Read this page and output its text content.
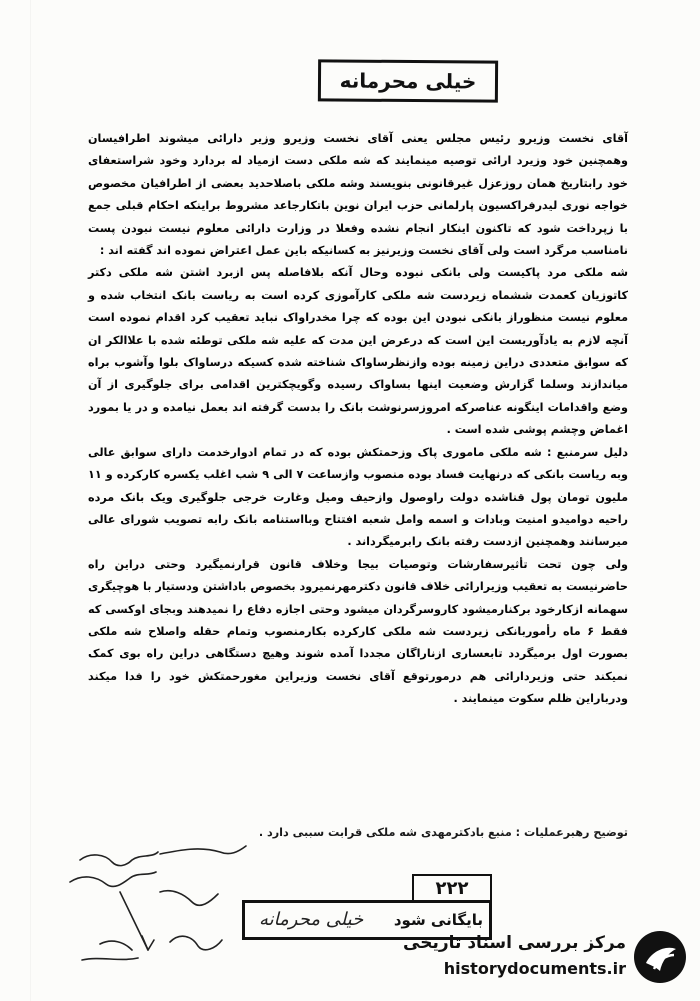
خیلی محرمانه

آقای نخست وزیرو رئیس مجلس یعنی آقای نخست وزیرو وزیر دارائی میشوند اطرافیسان وهمچنین خود وزیرد ارائی توصیه مینمایند که شه ملکی دست ازمیاد له بردارد وخود شراستعفای خود رابتاریخ همان روزعزل غیرقانونی بنویسند وشه ملکی باصلاحدید بعضی از اطرافیان مخصوص خواجه نوری لیدرفراکسیون پارلمانی حزب ایران نوین باتکارجاعد مشروط براینکه احکام قبلی جمع با زپرداخت شود که تاکنون اینکار انجام نشده وفعلا در وزارت دارائی معلوم نیست نبودن پست نامناسب مرگرد است ولی آقای نخست وزیرنیز به کسانیکه باین عمل اعتراض نموده اند گفته اند :

شه ملکی مرد پاکیست ولی بانکی نبوده وحال آنکه بلافاصله پس ازبرد اشتن شه ملکی دکتر کاتوزیان کعمدت ششماه زیردست شه ملکی کارآموزی کرده است به ریاست بانک انتخاب شده و معلوم نیست منظوراز بانکی نبودن این بوده که چرا مخدراواک نباید تعقیب کرد اقدام نموده است آنچه لازم به یادآوریست این است که درعرض این مدت که علیه شه ملکی توطئه شده با علاالکر ان که سوابق متعددی دراین زمینه بوده وازنظرساواک شناخته شده کسیکه درساواک بلوا وآشوب براه میاندازند وسلما گزارش وضعیت اینها بساواک رسیده وگویچکترین اقدامی برای جلوگیری از آن وضع واقدامات اینگونه عناصرکه امروزسرنوشت بانک را بدست گرفته اند بعمل نیامده و در یا بمورد اغماض وچشم پوشی شده است .

دلیل سرمنبع : شه ملکی ماموری پاک وزحمتکش بوده که در تمام ادوارخدمت دارای سوابق عالی وبه ریاست بانکی که درنهایت فساد بوده منصوب وازساعت ۷ الی ۹ شب اغلب یکسره کارکرده و ۱۱ ملیون تومان پول قناشده دولت راوصول وازحیف ومیل وغارت خرجی جلوگیری ویک بانک مرده راحیه دوامیدو امنیت وبادات و اسمه وامل شعبه افتتاح وبااستنامه بانک رابه تصویب شورای عالی میرسانند وهمچنین ازدست رفته بانک رابرمیگرداند .

ولی چون تحت تأثیرسفارشات وتوصیات بیجا وخلاف قانون قرارنمیگیرد وحتی دراین راه حاضرنیست به تعقیب وزیرارائی خلاف قانون دکترمهرنمیرود بخصوص باداشتن ودستیار با هوچیگری سهمانه ازکارخود برکنارمیشود کاروسرگردان میشود وحتی اجازه دفاع را نمیدهند وبجای اوکسی که فقط ۶ ماه رأموربانکی زیردست شه ملکی کارکرده بکارمنصوب وتمام حقله واصلاح شه ملکی بصورت اول برمیگردد تابعساری ازناراگان مجددا آمده شوند وهیچ دستگاهی دراین راه بوی کمک نمیکند حتی وزیردارائی هم درمورتوقع آقای نخست وزیراین مغورحمتکش خود را فدا میکند ودرباراین ظلم سکوت مینمایند .

توضیح رهبرعملیات : منبع بادکترمهدی شه ملکی قرابت سببی دارد .
۲۲۲
بایگانی شود
خیلی محرمانه
مرکز بررسی اسناد تاریخی
historydocuments.ir
